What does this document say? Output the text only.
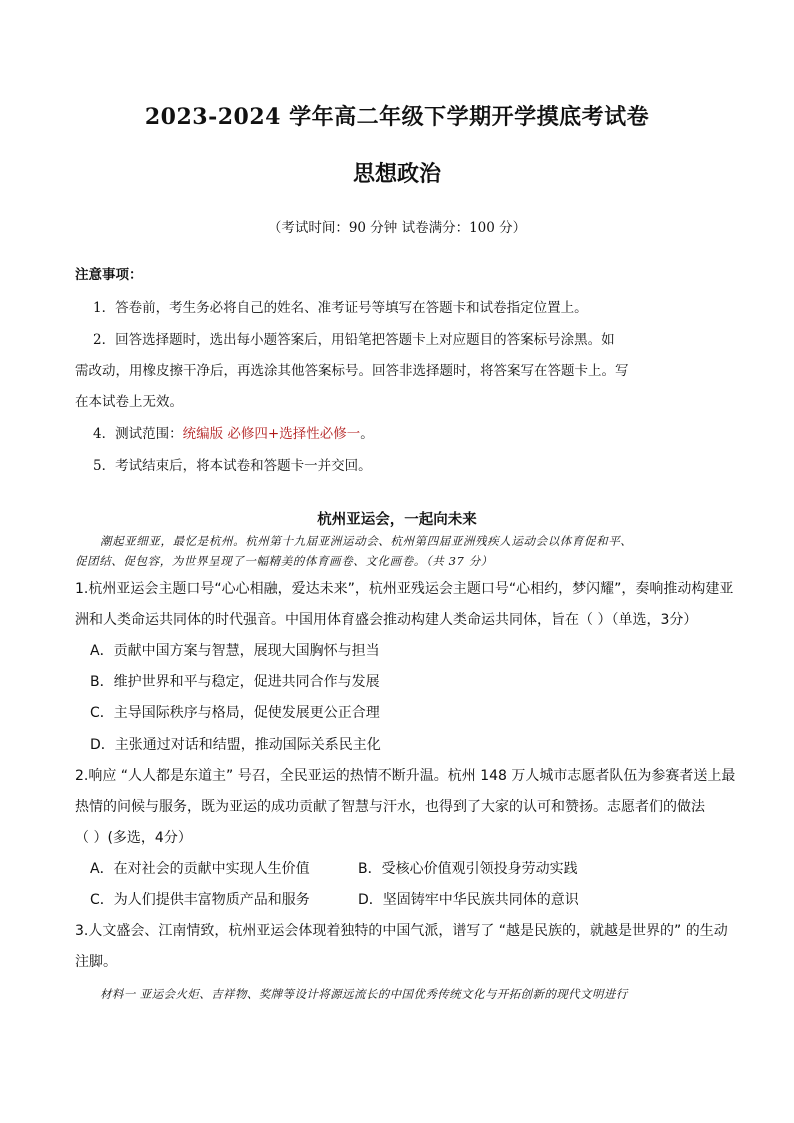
2023-2024 学年高二年级下学期开学摸底考试卷
思想政治
（考试时间：90 分钟 试卷满分：100 分）
注意事项：
1．答卷前，考生务必将自己的姓名、准考证号等填写在答题卡和试卷指定位置上。
2．回答选择题时，选出每小题答案后，用铅笔把答题卡上对应题目的答案标号涂黑。如
需改动，用橡皮擦干净后，再选涂其他答案标号。回答非选择题时，将答案写在答题卡上。写
在本试卷上无效。
4．测试范围：统编版 必修四+选择性必修一。
5．考试结束后，将本试卷和答题卡一并交回。
杭州亚运会，一起向未来
潮起亚细亚，最忆是杭州。杭州第十九届亚洲运动会、杭州第四届亚洲残疾人运动会以体育促和平、
促团结、促包容，为世界呈现了一幅精美的体育画卷、文化画卷。（共 37 分）
1.杭州亚运会主题口号“心心相融，爱达未来”，杭州亚残运会主题口号“心相约，梦闪耀”，奏响推动构建亚
洲和人类命运共同体的时代强音。中国用体育盛会推动构建人类命运共同体，旨在（ ）（单选，3分）
A．贡献中国方案与智慧，展现大国胸怀与担当
B．维护世界和平与稳定，促进共同合作与发展
C．主导国际秩序与格局，促使发展更公正合理
D．主张通过对话和结盟，推动国际关系民主化
2.响应 “人人都是东道主” 号召，全民亚运的热情不断升温。杭州 148 万人城市志愿者队伍为参赛者送上最
热情的问候与服务，既为亚运的成功贡献了智慧与汗水，也得到了大家的认可和赞扬。志愿者们的做法
（ ）(多选，4分）
A．在对社会的贡献中实现人生价值	B．受核心价值观引领投身劳动实践
C．为人们提供丰富物质产品和服务	D．坚固铸牢中华民族共同体的意识
3.人文盛会、江南情致，杭州亚运会体现着独特的中国气派，谱写了 “越是民族的，就越是世界的” 的生动
注脚。
材料一 亚运会火炬、吉祥物、奖牌等设计将源远流长的中国优秀传统文化与开拓创新的现代文明进行
